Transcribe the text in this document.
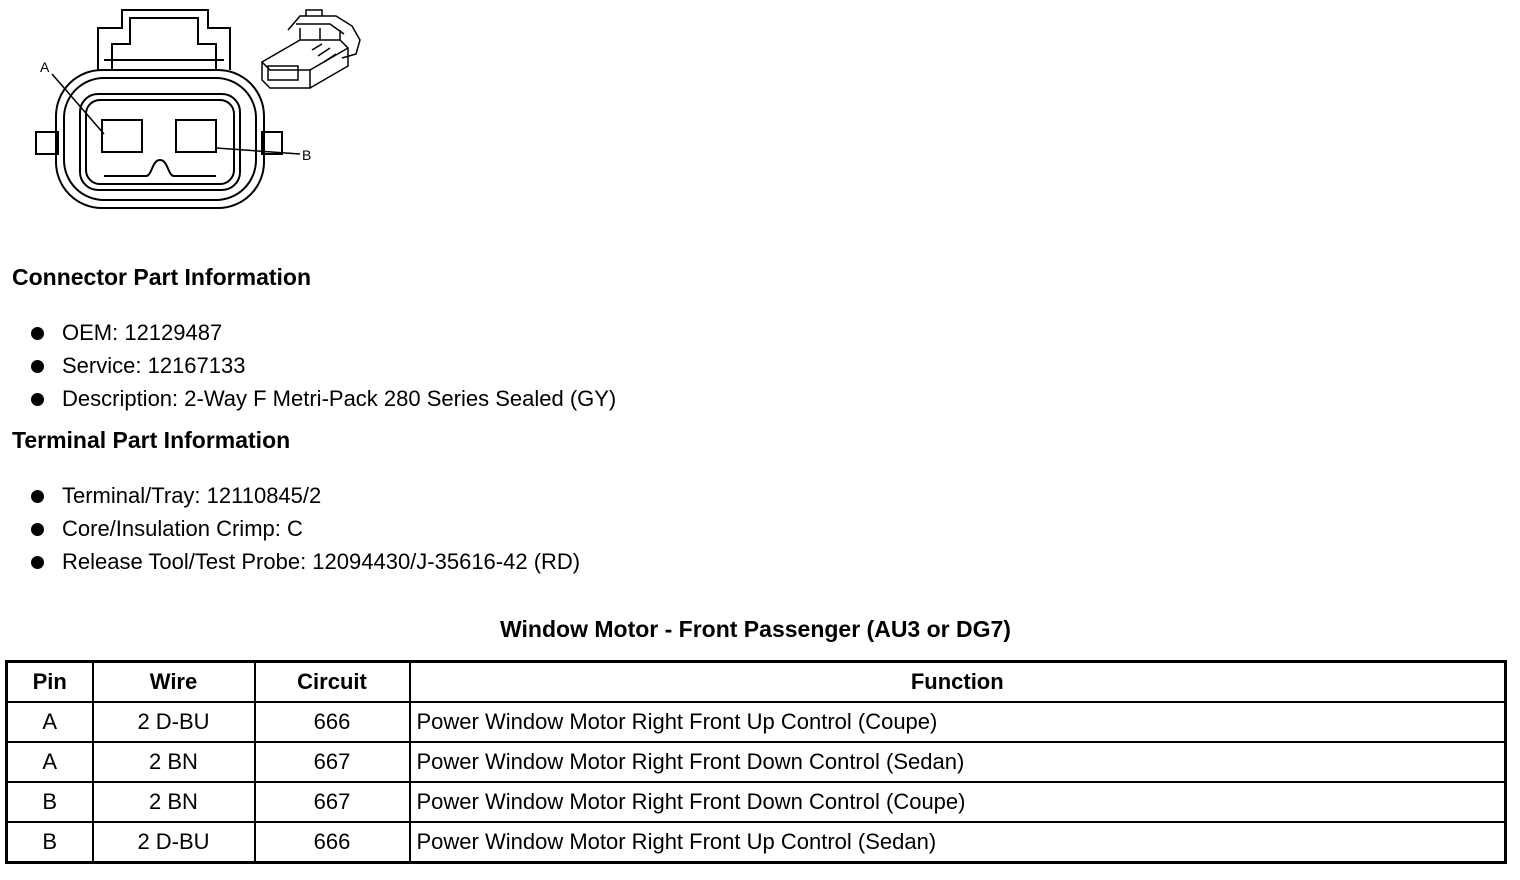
A
B
Connector Part Information
OEM: 12129487
Service: 12167133
Description: 2-Way F Metri-Pack 280 Series Sealed (GY)
Terminal Part Information
Terminal/Tray: 12110845/2
Core/Insulation Crimp: C
Release Tool/Test Probe: 12094430/J-35616-42 (RD)
Window Motor - Front Passenger (AU3 or DG7)
Pin	Wire	Circuit	Function
A	2 D-BU	666	Power Window Motor Right Front Up Control (Coupe)
A	2 BN	667	Power Window Motor Right Front Down Control (Sedan)
B	2 BN	667	Power Window Motor Right Front Down Control (Coupe)
B	2 D-BU	666	Power Window Motor Right Front Up Control (Sedan)
